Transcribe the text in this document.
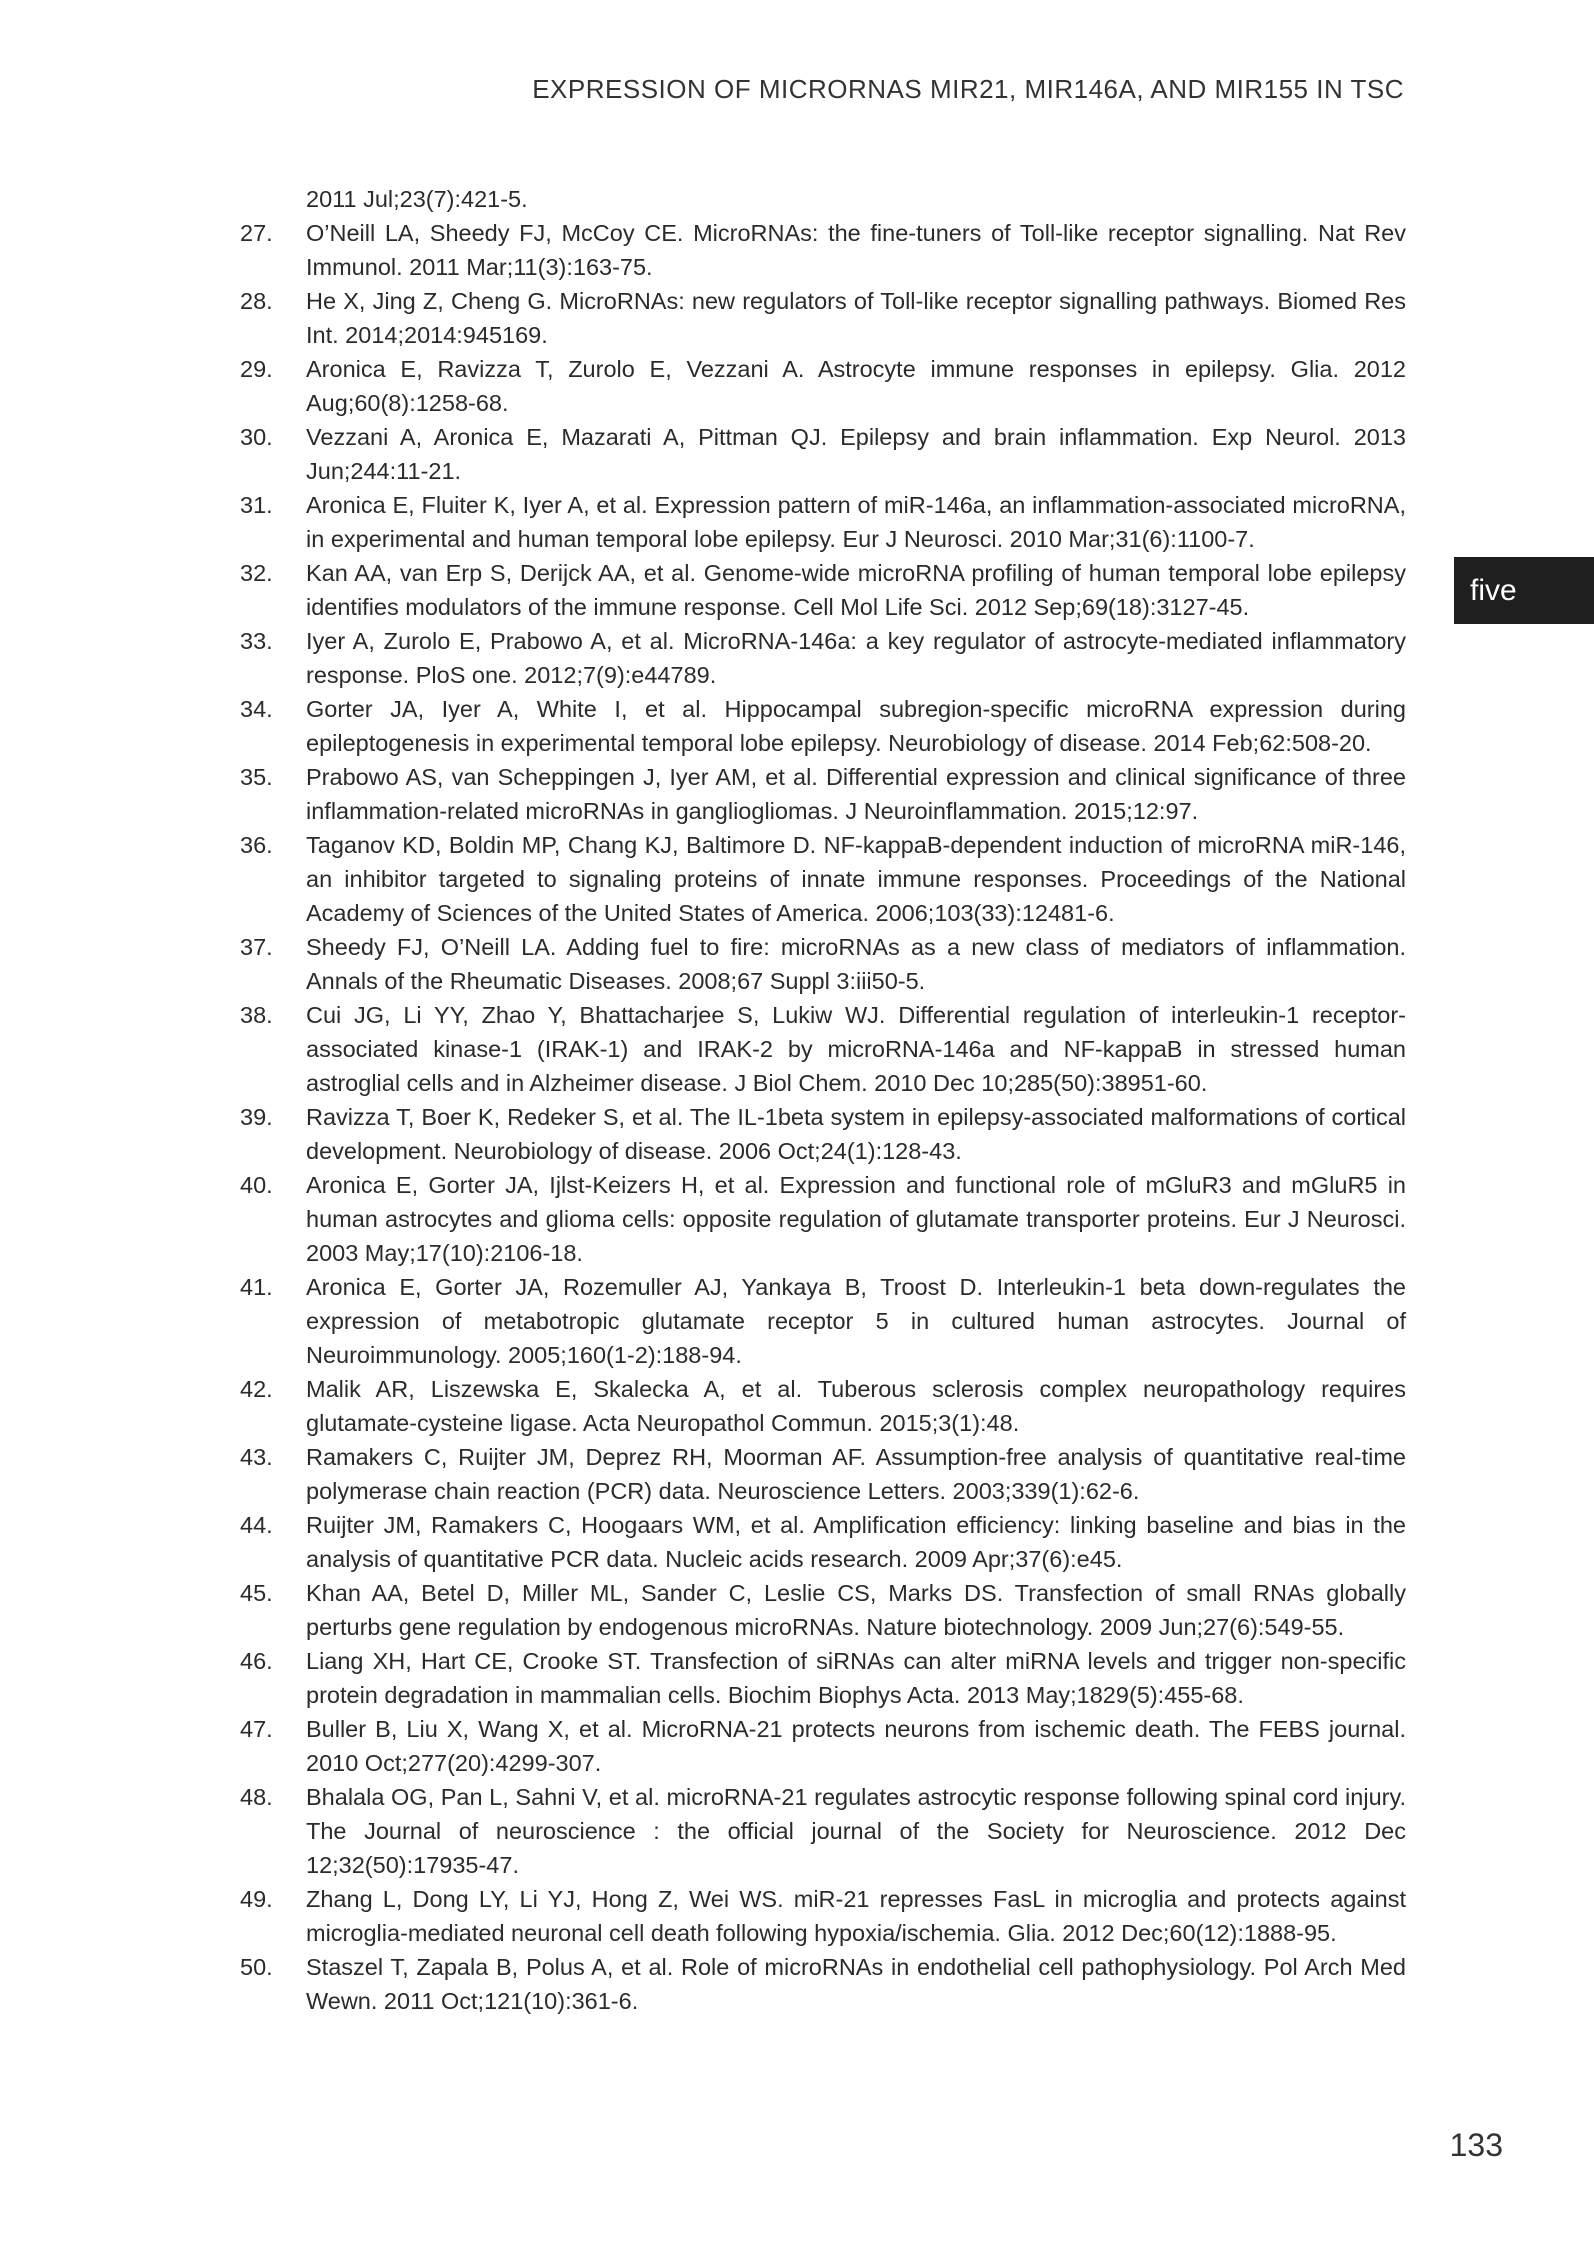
EXPRESSION OF MICRORNAS MIR21, MIR146A, AND MIR155 IN TSC
five
2011 Jul;23(7):421-5.
27.	O’Neill LA, Sheedy FJ, McCoy CE. MicroRNAs: the fine-tuners of Toll-like receptor signalling. Nat Rev Immunol. 2011 Mar;11(3):163-75.
28.	He X, Jing Z, Cheng G. MicroRNAs: new regulators of Toll-like receptor signalling pathways. Biomed Res Int. 2014;2014:945169.
29.	Aronica E, Ravizza T, Zurolo E, Vezzani A. Astrocyte immune responses in epilepsy. Glia. 2012 Aug;60(8):1258-68.
30.	Vezzani A, Aronica E, Mazarati A, Pittman QJ. Epilepsy and brain inflammation. Exp Neurol. 2013 Jun;244:11-21.
31.	Aronica E, Fluiter K, Iyer A, et al. Expression pattern of miR-146a, an inflammation-associated microRNA, in experimental and human temporal lobe epilepsy. Eur J Neurosci. 2010 Mar;31(6):1100-7.
32.	Kan AA, van Erp S, Derijck AA, et al. Genome-wide microRNA profiling of human temporal lobe epilepsy identifies modulators of the immune response. Cell Mol Life Sci. 2012 Sep;69(18):3127-45.
33.	Iyer A, Zurolo E, Prabowo A, et al. MicroRNA-146a: a key regulator of astrocyte-mediated inflammatory response. PloS one. 2012;7(9):e44789.
34.	Gorter JA, Iyer A, White I, et al. Hippocampal subregion-specific microRNA expression during epileptogenesis in experimental temporal lobe epilepsy. Neurobiology of disease. 2014 Feb;62:508-20.
35.	Prabowo AS, van Scheppingen J, Iyer AM, et al. Differential expression and clinical significance of three inflammation-related microRNAs in gangliogliomas. J Neuroinflammation. 2015;12:97.
36.	Taganov KD, Boldin MP, Chang KJ, Baltimore D. NF-kappaB-dependent induction of microRNA miR-146, an inhibitor targeted to signaling proteins of innate immune responses. Proceedings of the National Academy of Sciences of the United States of America. 2006;103(33):12481-6.
37.	Sheedy FJ, O’Neill LA. Adding fuel to fire: microRNAs as a new class of mediators of inflammation. Annals of the Rheumatic Diseases. 2008;67 Suppl 3:iii50-5.
38.	Cui JG, Li YY, Zhao Y, Bhattacharjee S, Lukiw WJ. Differential regulation of interleukin-1 receptor-associated kinase-1 (IRAK-1) and IRAK-2 by microRNA-146a and NF-kappaB in stressed human astroglial cells and in Alzheimer disease. J Biol Chem. 2010 Dec 10;285(50):38951-60.
39.	Ravizza T, Boer K, Redeker S, et al. The IL-1beta system in epilepsy-associated malformations of cortical development. Neurobiology of disease. 2006 Oct;24(1):128-43.
40.	Aronica E, Gorter JA, Ijlst-Keizers H, et al. Expression and functional role of mGluR3 and mGluR5 in human astrocytes and glioma cells: opposite regulation of glutamate transporter proteins. Eur J Neurosci. 2003 May;17(10):2106-18.
41.	Aronica E, Gorter JA, Rozemuller AJ, Yankaya B, Troost D. Interleukin-1 beta down-regulates the expression of metabotropic glutamate receptor 5 in cultured human astrocytes. Journal of Neuroimmunology. 2005;160(1-2):188-94.
42.	Malik AR, Liszewska E, Skalecka A, et al. Tuberous sclerosis complex neuropathology requires glutamate-cysteine ligase. Acta Neuropathol Commun. 2015;3(1):48.
43.	Ramakers C, Ruijter JM, Deprez RH, Moorman AF. Assumption-free analysis of quantitative real-time polymerase chain reaction (PCR) data. Neuroscience Letters. 2003;339(1):62-6.
44.	Ruijter JM, Ramakers C, Hoogaars WM, et al. Amplification efficiency: linking baseline and bias in the analysis of quantitative PCR data. Nucleic acids research. 2009 Apr;37(6):e45.
45.	Khan AA, Betel D, Miller ML, Sander C, Leslie CS, Marks DS. Transfection of small RNAs globally perturbs gene regulation by endogenous microRNAs. Nature biotechnology. 2009 Jun;27(6):549-55.
46.	Liang XH, Hart CE, Crooke ST. Transfection of siRNAs can alter miRNA levels and trigger non-specific protein degradation in mammalian cells. Biochim Biophys Acta. 2013 May;1829(5):455-68.
47.	Buller B, Liu X, Wang X, et al. MicroRNA-21 protects neurons from ischemic death. The FEBS journal. 2010 Oct;277(20):4299-307.
48.	Bhalala OG, Pan L, Sahni V, et al. microRNA-21 regulates astrocytic response following spinal cord injury. The Journal of neuroscience : the official journal of the Society for Neuroscience. 2012 Dec 12;32(50):17935-47.
49.	Zhang L, Dong LY, Li YJ, Hong Z, Wei WS. miR-21 represses FasL in microglia and protects against microglia-mediated neuronal cell death following hypoxia/ischemia. Glia. 2012 Dec;60(12):1888-95.
50.	Staszel T, Zapala B, Polus A, et al. Role of microRNAs in endothelial cell pathophysiology. Pol Arch Med Wewn. 2011 Oct;121(10):361-6.
133
